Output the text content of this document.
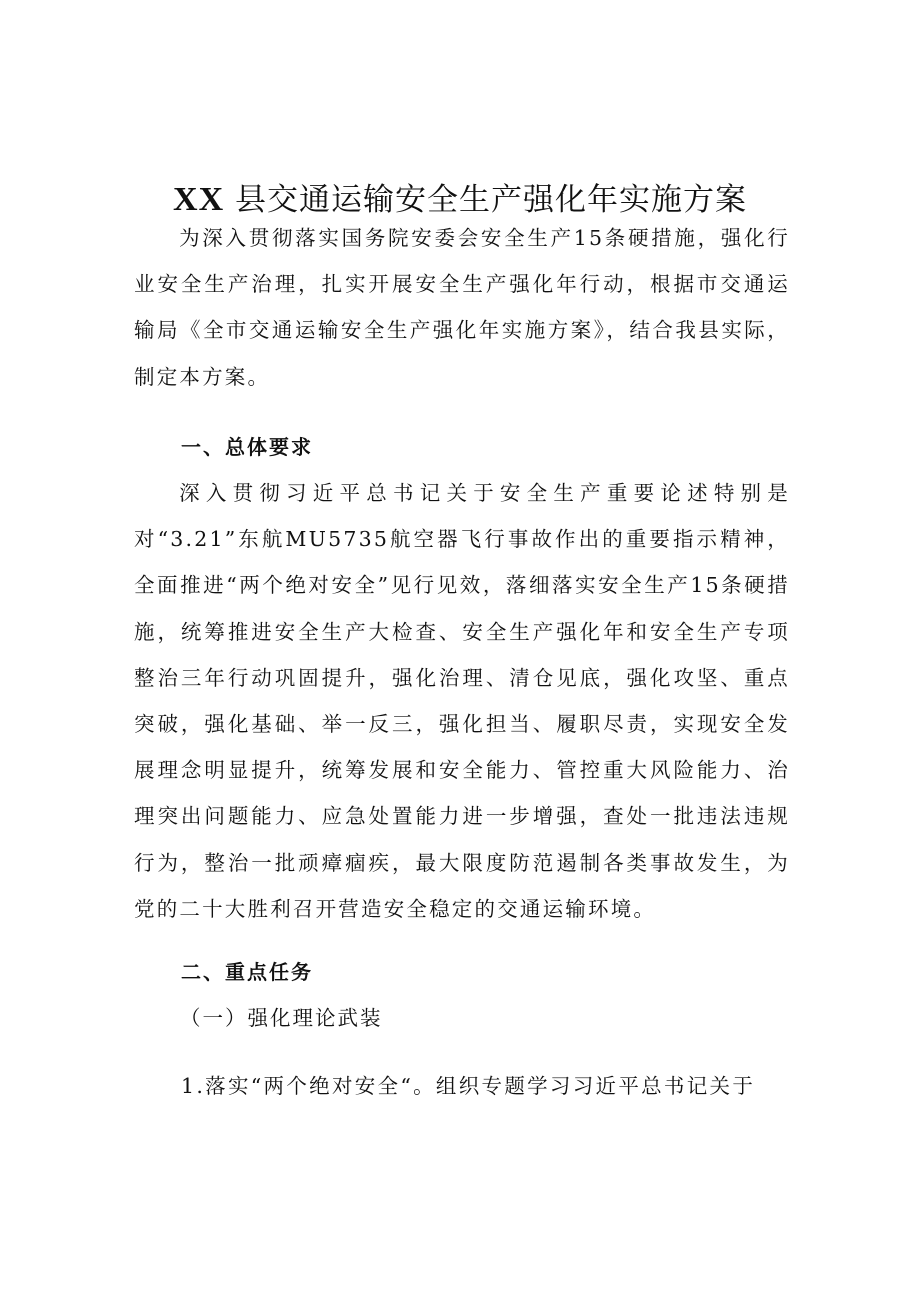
XX 县交通运输安全生产强化年实施方案

为深入贯彻落实国务院安委会安全生产15条硬措施，强化行业安全生产治理，扎实开展安全生产强化年行动，根据市交通运输局《全市交通运输安全生产强化年实施方案》，结合我县实际，制定本方案。

一、总体要求

深入贯彻习近平总书记关于安全生产重要论述特别是对“3.21”东航MU5735航空器飞行事故作出的重要指示精神，全面推进“两个绝对安全”见行见效，落细落实安全生产15条硬措施，统筹推进安全生产大检查、安全生产强化年和安全生产专项整治三年行动巩固提升，强化治理、清仓见底，强化攻坚、重点突破，强化基础、举一反三，强化担当、履职尽责，实现安全发展理念明显提升，统筹发展和安全能力、管控重大风险能力、治理突出问题能力、应急处置能力进一步增强，查处一批违法违规行为，整治一批顽瘴痼疾，最大限度防范遏制各类事故发生，为党的二十大胜利召开营造安全稳定的交通运输环境。

二、重点任务
（一）强化理论武装
1.落实“两个绝对安全“。组织专题学习习近平总书记关于
